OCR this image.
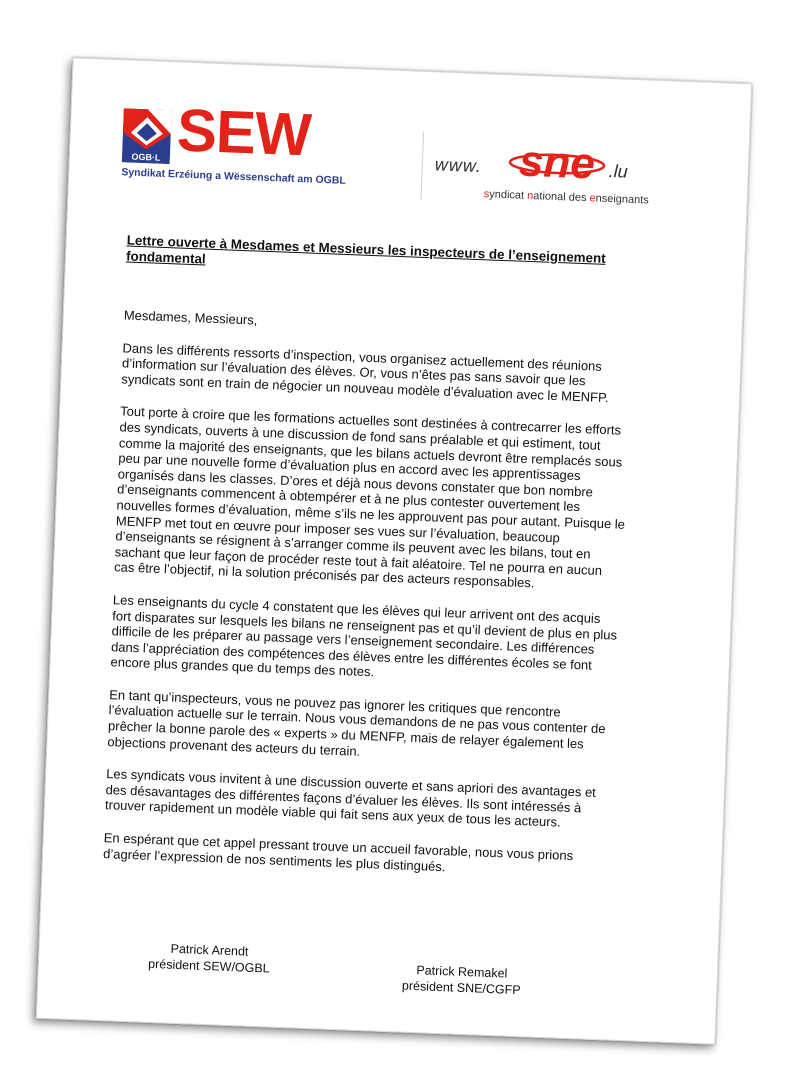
OGB·L SEW
Syndikat Erzéiung a Wëssenschaft am OGBL
www. sne .lu
syndicat national des enseignants
Lettre ouverte à Mesdames et Messieurs les inspecteurs de l’enseignement fondamental
Mesdames, Messieurs,

Dans les différents ressorts d’inspection, vous organisez actuellement des réunions d’information sur l’évaluation des élèves. Or, vous n’êtes pas sans savoir que les syndicats sont en train de négocier un nouveau modèle d’évaluation avec le MENFP.

Tout porte à croire que les formations actuelles sont destinées à contrecarrer les efforts des syndicats, ouverts à une discussion de fond sans préalable et qui estiment, tout comme la majorité des enseignants, que les bilans actuels devront être remplacés sous peu par une nouvelle forme d’évaluation plus en accord avec les apprentissages organisés dans les classes. D’ores et déjà nous devons constater que bon nombre d’enseignants commencent à obtempérer et à ne plus contester ouvertement les nouvelles formes d’évaluation, même s’ils ne les approuvent pas pour autant. Puisque le MENFP met tout en œuvre pour imposer ses vues sur l’évaluation, beaucoup d’enseignants se résignent à s’arranger comme ils peuvent avec les bilans, tout en sachant que leur façon de procéder reste tout à fait aléatoire. Tel ne pourra en aucun cas être l’objectif, ni la solution préconisés par des acteurs responsables.

Les enseignants du cycle 4 constatent que les élèves qui leur arrivent ont des acquis fort disparates sur lesquels les bilans ne renseignent pas et qu’il devient de plus en plus difficile de les préparer au passage vers l’enseignement secondaire. Les différences dans l’appréciation des compétences des élèves entre les différentes écoles se font encore plus grandes que du temps des notes.

En tant qu’inspecteurs, vous ne pouvez pas ignorer les critiques que rencontre l’évaluation actuelle sur le terrain. Nous vous demandons de ne pas vous contenter de prêcher la bonne parole des « experts » du MENFP, mais de relayer également les objections provenant des acteurs du terrain.

Les syndicats vous invitent à une discussion ouverte et sans apriori des avantages et des désavantages des différentes façons d’évaluer les élèves. Ils sont intéressés à trouver rapidement un modèle viable qui fait sens aux yeux de tous les acteurs.

En espérant que cet appel pressant trouve un accueil favorable, nous vous prions d’agréer l’expression de nos sentiments les plus distingués.

Patrick Arendt
président SEW/OGBL	Patrick Remakel
président SNE/CGFP
